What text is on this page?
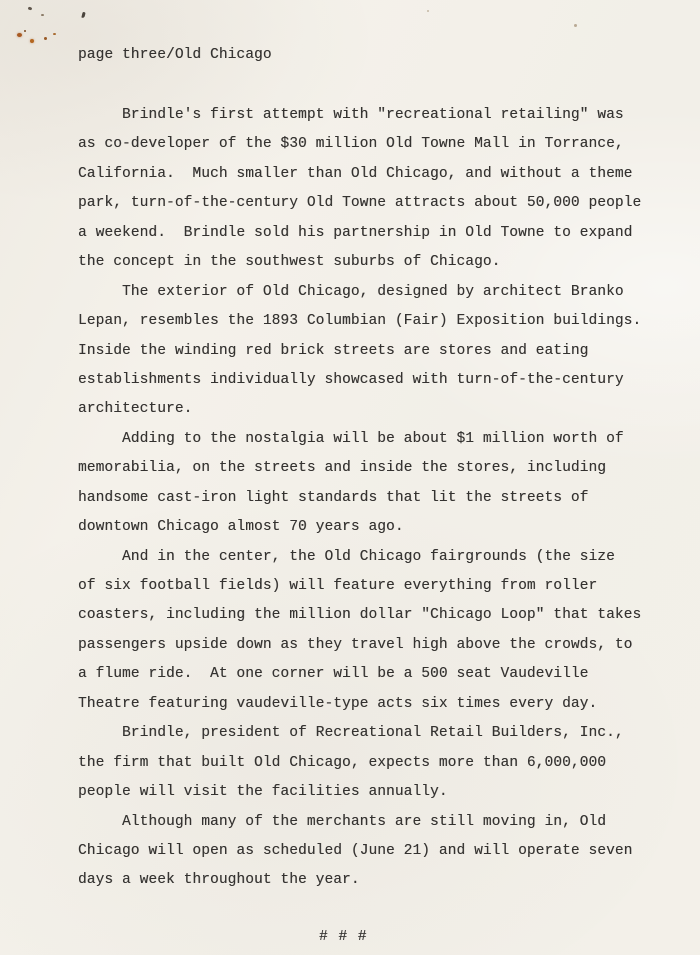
page three/Old Chicago
Brindle's first attempt with "recreational retailing" was
as co-developer of the $30 million Old Towne Mall in Torrance,
California.  Much smaller than Old Chicago, and without a theme
park, turn-of-the-century Old Towne attracts about 50,000 people
a weekend.  Brindle sold his partnership in Old Towne to expand
the concept in the southwest suburbs of Chicago.
The exterior of Old Chicago, designed by architect Branko
Lepan, resembles the 1893 Columbian (Fair) Exposition buildings.
Inside the winding red brick streets are stores and eating
establishments individually showcased with turn-of-the-century
architecture.
Adding to the nostalgia will be about $1 million worth of
memorabilia, on the streets and inside the stores, including
handsome cast-iron light standards that lit the streets of
downtown Chicago almost 70 years ago.
And in the center, the Old Chicago fairgrounds (the size
of six football fields) will feature everything from roller
coasters, including the million dollar "Chicago Loop" that takes
passengers upside down as they travel high above the crowds, to
a flume ride.  At one corner will be a 500 seat Vaudeville
Theatre featuring vaudeville-type acts six times every day.
Brindle, president of Recreational Retail Builders, Inc.,
the firm that built Old Chicago, expects more than 6,000,000
people will visit the facilities annually.
Although many of the merchants are still moving in, Old
Chicago will open as scheduled (June 21) and will operate seven
days a week throughout the year.
# # #
